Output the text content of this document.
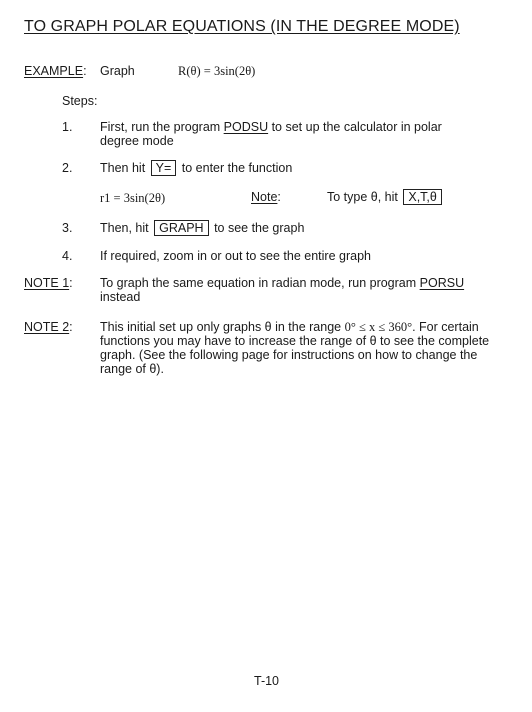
TO GRAPH POLAR EQUATIONS (IN THE DEGREE MODE)
EXAMPLE: Graph	R(θ) = 3sin(2θ)
Steps:
1. First, run the program PODSU to set up the calculator in polar degree mode
2. Then hit Y= to enter the function
r1 = 3sin(2θ)	Note:	To type θ, hit X,T,θ
3. Then, hit GRAPH to see the graph
4. If required, zoom in or out to see the entire graph
NOTE 1: To graph the same equation in radian mode, run program PORSU instead
NOTE 2: This initial set up only graphs θ in the range 0° ≤ x ≤ 360°. For certain functions you may have to increase the range of θ to see the complete graph. (See the following page for instructions on how to change the range of θ).
T-10
